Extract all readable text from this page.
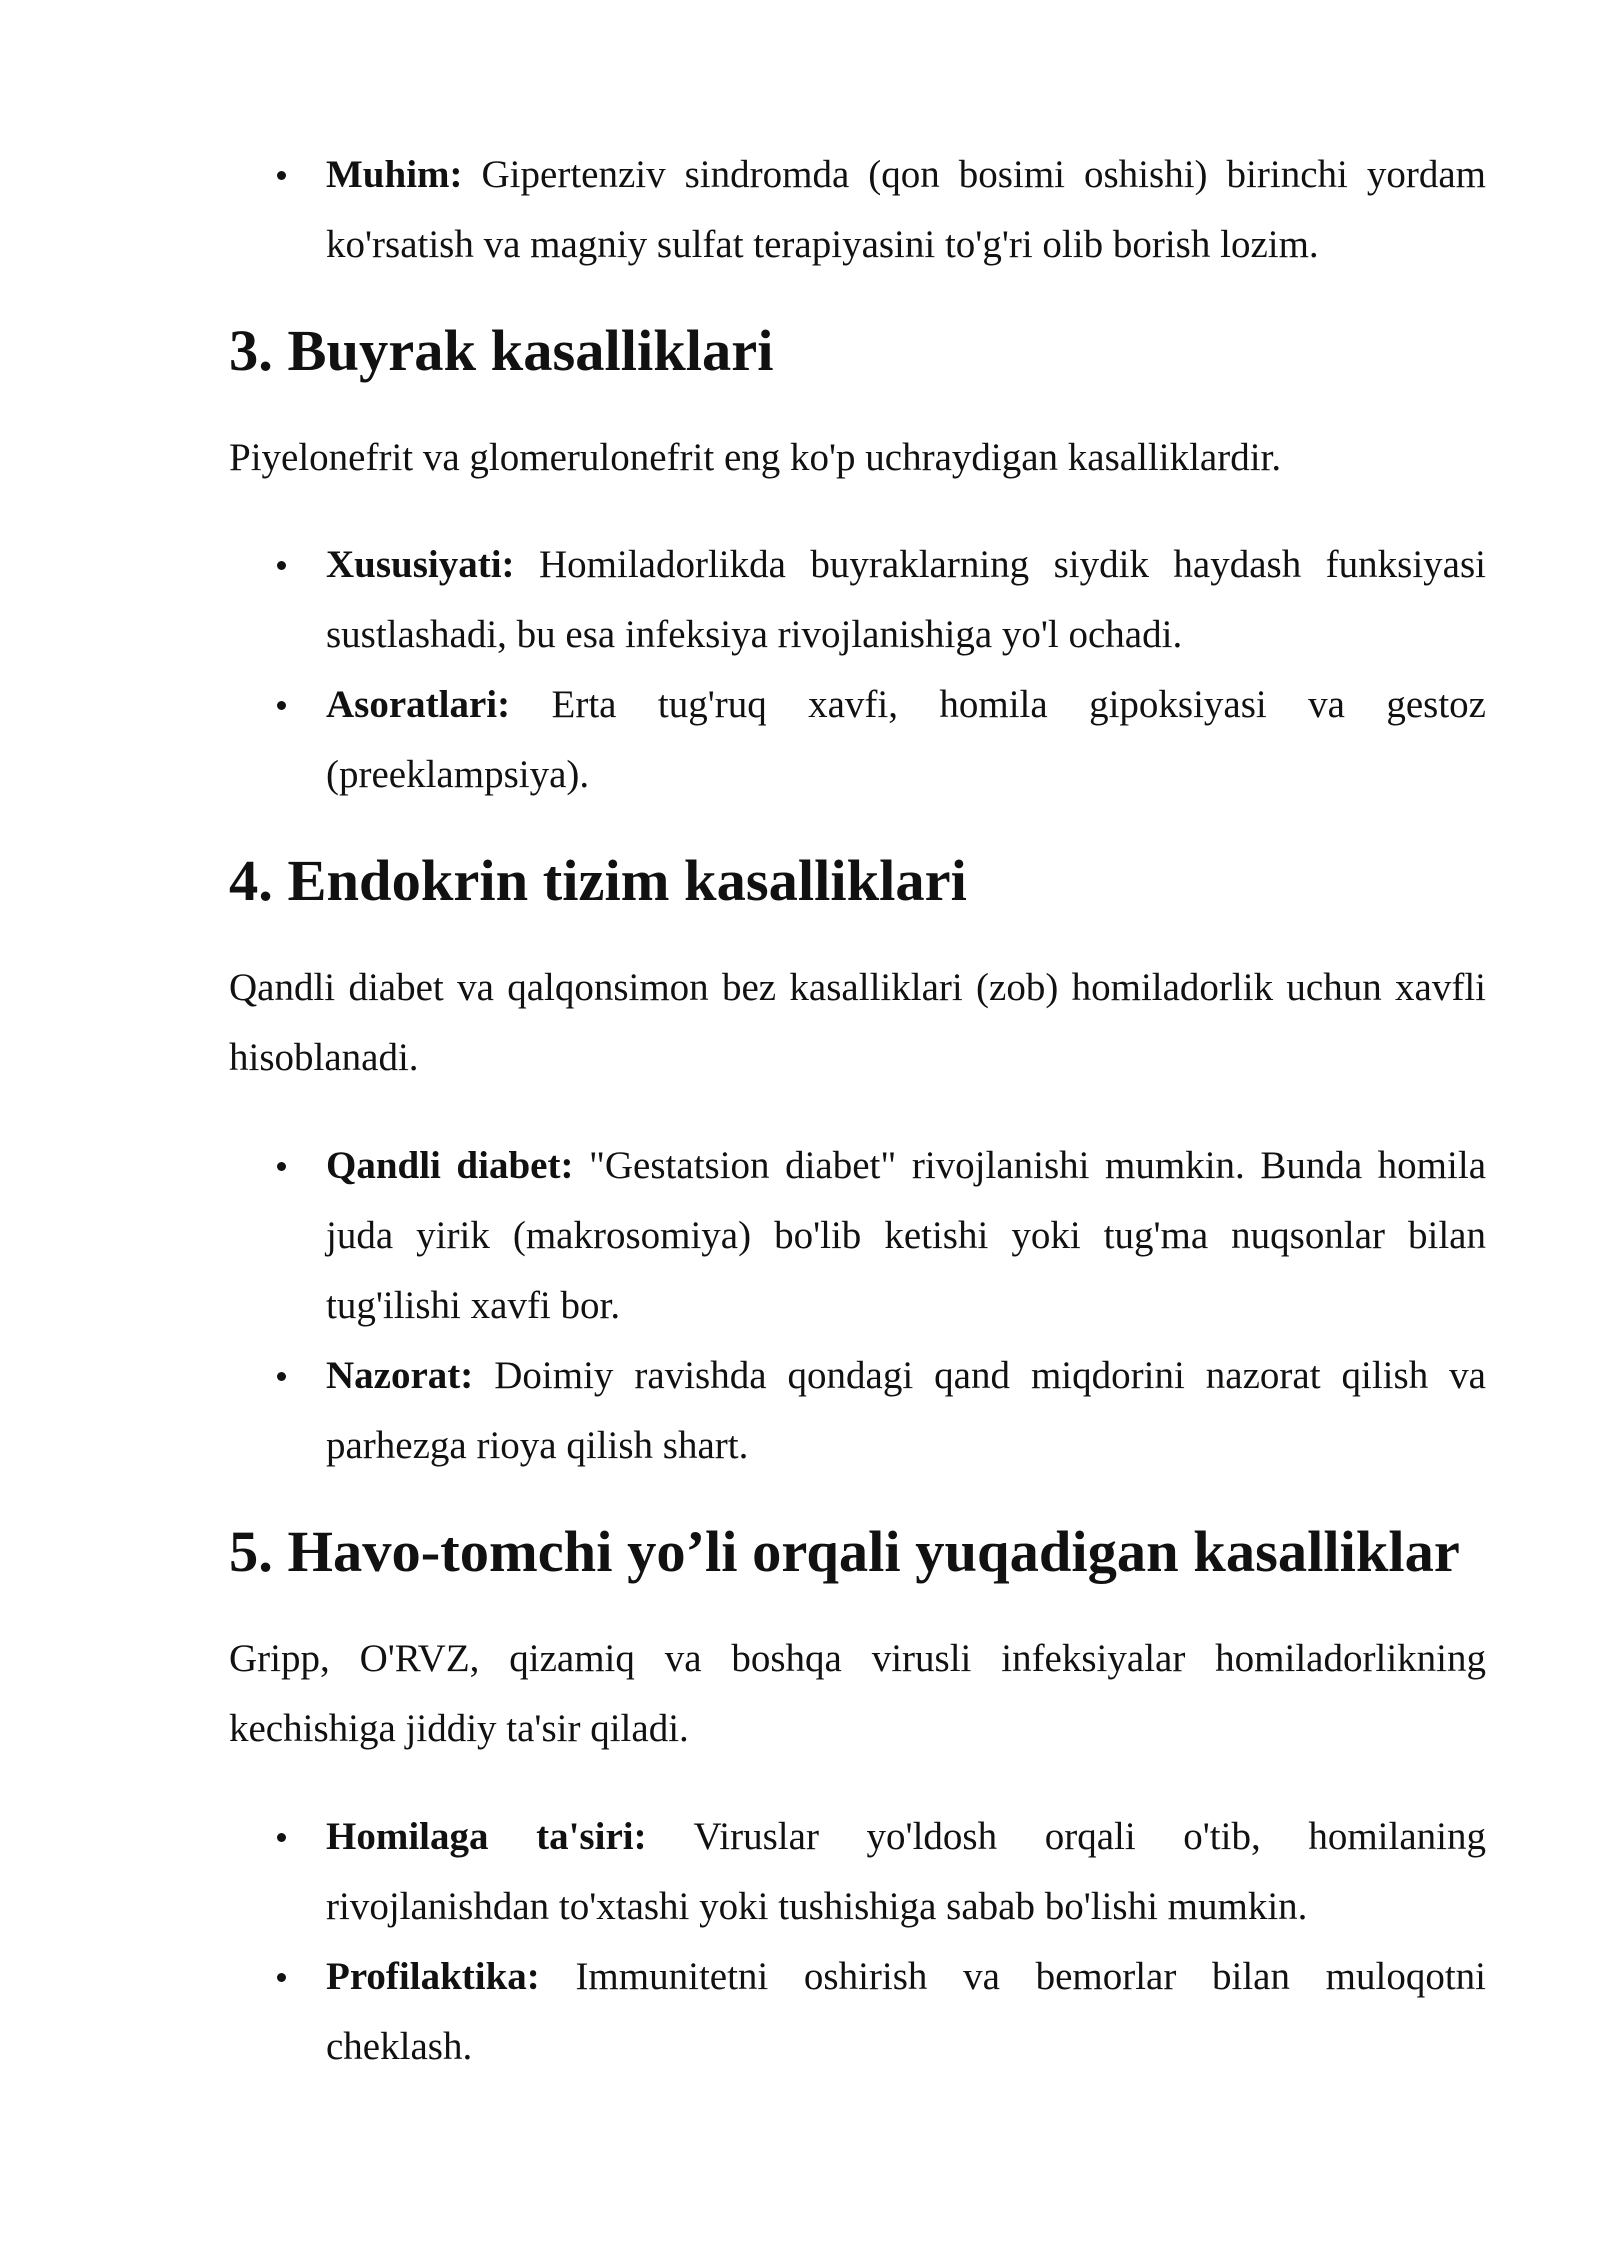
Muhim: Gipertenziv sindromda (qon bosimi oshishi) birinchi yordam ko'rsatish va magniy sulfat terapiyasini to'g'ri olib borish lozim.
3. Buyrak kasalliklari

Piyelonefrit va glomerulonefrit eng ko'p uchraydigan kasalliklardir.

Xususiyati: Homiladorlikda buyraklarning siydik haydash funksiyasi sustlashadi, bu esa infeksiya rivojlanishiga yo'l ochadi.
Asoratlari: Erta tug'ruq xavfi, homila gipoksiyasi va gestoz (preeklampsiya).
4. Endokrin tizim kasalliklari

Qandli diabet va qalqonsimon bez kasalliklari (zob) homiladorlik uchun xavfli hisoblanadi.

Qandli diabet: "Gestatsion diabet" rivojlanishi mumkin. Bunda homila juda yirik (makrosomiya) bo'lib ketishi yoki tug'ma nuqsonlar bilan tug'ilishi xavfi bor.
Nazorat: Doimiy ravishda qondagi qand miqdorini nazorat qilish va parhezga rioya qilish shart.
5. Havo-tomchi yo’li orqali yuqadigan kasalliklar

Gripp, O'RVZ, qizamiq va boshqa virusli infeksiyalar homiladorlikning kechishiga jiddiy ta'sir qiladi.

Homilaga ta'siri: Viruslar yo'ldosh orqali o'tib, homilaning rivojlanishdan to'xtashi yoki tushishiga sabab bo'lishi mumkin.
Profilaktika: Immunitetni oshirish va bemorlar bilan muloqotni cheklash.
